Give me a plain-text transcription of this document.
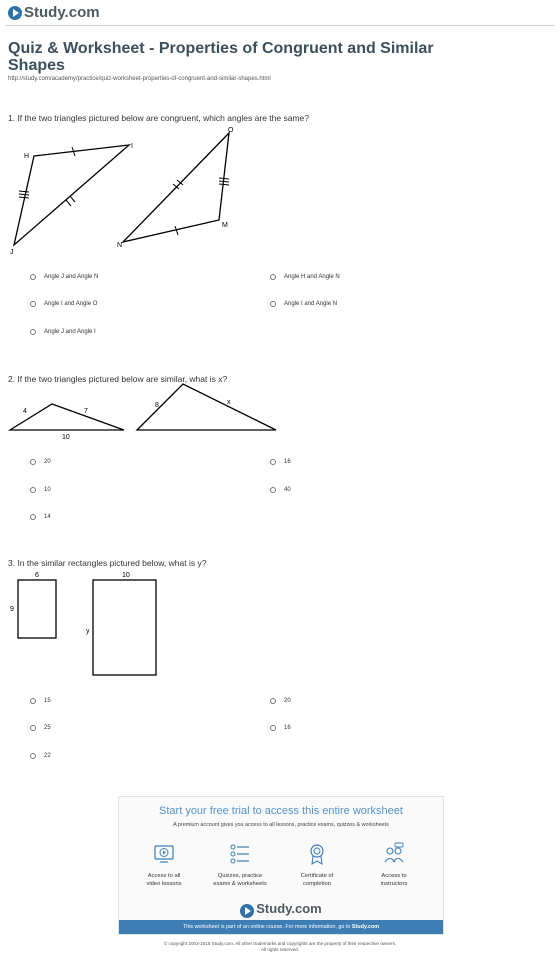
Study.com
Quiz & Worksheet - Properties of Congruent and Similar Shapes
http://study.com/academy/practice/quiz-worksheet-properties-of-congruent-and-similar-shapes.html
1. If the two triangles pictured below are congruent, which angles are the same?
H
I
J
O
M
N
Angle J and Angle N	Angle H and Angle N
Angle I and Angle O	Angle I and Angle N
Angle J and Angle I
2. If the two triangles pictured below are similar, what is x?
4	7
10
8	x
20	16
10	40
14
3. In the similar rectangles pictured below, what is y?
6
9
10
y
15	20
25	16
22
Start your free trial to access this entire worksheet
A premium account gives you access to all lessons, practice exams, quizzes & worksheets
Access to all
video lessons
Quizzes, practice
exams & worksheets
Certificate of
completion
Access to
instructors
Study.com
This worksheet is part of an online course. For more information, go to Study.com
© copyright 2003-2015 Study.com. All other trademarks and copyrights are the property of their respective owners.
All rights reserved.
